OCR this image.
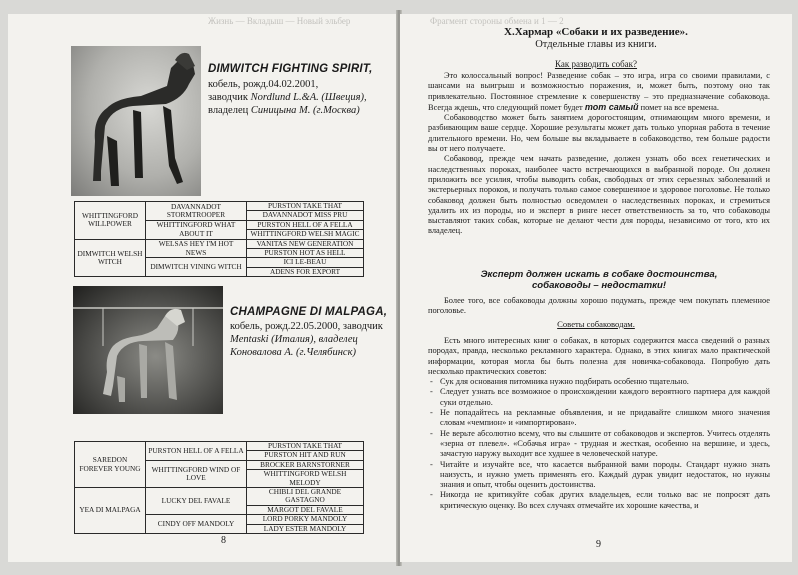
Жизнь — Вкладыш — Новый эльбер
DIMWITCH FIGHTING SPIRIT,
кобель, рожд.04.02.2001,
заводчик Nordlund L.&A. (Швеция),
владелец Синицына М. (г.Москва)
WHITTINGFORD WILLPOWER	DAVANNADOT STORMTROOPER	PURSTON TAKE THAT
		DAVANNADOT MISS PRU
	WHITTINGFORD WHAT ABOUT IT	PURSTON HELL OF A FELLA
		WHITTINGFORD WELSH MAGIC
DIMWITCH WELSH WITCH	WELSAS HEY I'M HOT NEWS	VANITAS NEW GENERATION
		PURSTON HOT AS HELL
	DIMWITCH VINING WITCH	ICI LE-BEAU
		ADENS FOR EXPORT
CHAMPAGNE DI MALPAGA,
кобель, рожд.22.05.2000, заводчик
Mentaski (Италия), владелец
Коновалова А. (г.Челябинск)
SAREDON FOREVER YOUNG	PURSTON HELL OF A FELLA	PURSTON TAKE THAT
		PURSTON HIT AND RUN
	WHITTINGFORD WIND OF LOVE	BROCKER BARNSTORNER
		WHITTINGFORD WELSH MELODY
YEA DI MALPAGA	LUCKY DEL FAVALE	CHIBLI DEL GRANDE GASTAGNO
		MARGOT DEL FAVALE
	CINDY OFF MANDOLY	LORD PORKY MANDOLY
		LADY ESTER MANDOLY
8
Фрагмент стороны обмена и 1 — 2
Х.Хармар «Собаки и их разведение».
Отдельные главы из книги.
Как разводить собак?

Это колоссальный вопрос! Разведение собак – это игра, игра со своими правилами, с шансами на выигрыш и возможностью поражения, и, может быть, поэтому оно так привлекательно. Постоянное стремление к совершенству – это предназначение собаковода. Всегда ждешь, что следующий помет будет тот самый помет на все времена.

Собаководство может быть занятием дорогостоящим, отнимающим много времени, и разбивающим ваше сердце. Хорошие результаты может дать только упорная работа в течение длительного времени. Но, чем больше вы вкладываете в собаководство, тем больше радости вы от него получаете.

Собаковод, прежде чем начать разведение, должен узнать обо всех генетических и наследственных пороках, наиболее часто встречающихся в выбранной породе. Он должен приложить все усилия, чтобы выводить собак, свободных от этих серьезных заболеваний и экстерьерных пороков, и получать только самое совершенное и здоровое поголовье. Не только собаковод должен быть полностью осведомлен о наследственных пороках, и стремиться удалить их из породы, но и эксперт в ринге несет ответственность за то, что собаководы выставляют таких собак, которые не делают чести для породы, независимо от того, кто их владелец.

Эксперт должен искать в собаке достоинства,
собаководы – недостатки!

Более того, все собаководы должны хорошо подумать, прежде чем покупать племенное поголовье.

Советы собаководам.

Есть много интересных книг о собаках, в которых содержится масса сведений о разных породах, правда, несколько рекламного характера. Однако, в этих книгах мало практической информации, которая могла бы быть полезна для новичка-собаковода. Попробую дать несколько практических советов:

- Сук для основания питомника нужно подбирать особенно тщательно.
- Следует узнать все возможное о происхождении каждого вероятного партнера для каждой суки отдельно.
- Не попадайтесь на рекламные объявления, и не придавайте слишком много значения словам «чемпион» и «импортирован».
- Не верьте абсолютно всему, что вы слышите от собаководов и экспертов. Учитесь отделять «зерна от плевел». «Собачья игра» - трудная и жесткая, особенно на вершине, и здесь, зачастую наружу выходит все худшее в человеческой натуре.
- Читайте и изучайте все, что касается выбранной вами породы. Стандарт нужно знать наизусть, и нужно уметь применять его. Каждый дурак увидит недостаток, но нужны знания и опыт, чтобы оценить достоинства.
- Никогда не критикуйте собак других владельцев, если только вас не попросят дать критическую оценку. Во всех случаях отмечайте их хорошие качества, и
9
